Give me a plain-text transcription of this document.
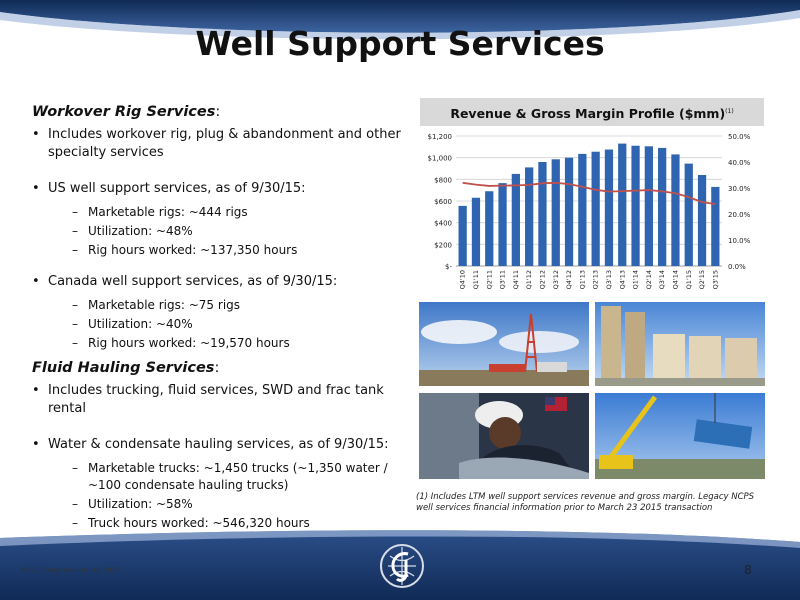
Well Support Services
Workover Rig Services:
• Includes workover rig, plug & abandonment and other specialty services
• US well support services, as of 9/30/15:
– Marketable rigs: ~444 rigs
– Utilization: ~48%
– Rig hours worked: ~137,350 hours
• Canada well support services, as of 9/30/15:
– Marketable rigs: ~75 rigs
– Utilization: ~40%
– Rig hours worked: ~19,570 hours
Fluid Hauling Services:
• Includes trucking, fluid services, SWD and frac tank rental
• Water & condensate hauling services, as of 9/30/15:
– Marketable trucks: ~1,450 trucks (~1,350 water / ~100 condensate hauling trucks)
– Utilization: ~58%
– Truck hours worked: ~546,320 hours
Revenue & Gross Margin Profile ($mm)$^{(1)}$
$-
$200
$400
$600
$800
$1,000
$1,200
0.0%
10.0%
20.0%
30.0%
40.0%
50.0%
Q4'10 Q1'11 Q2'11 Q3'11 Q4'11 Q1'12 Q2'12 Q3'12 Q4'12 Q1'13 Q2'13 Q3'13 Q4'13 Q1'14 Q2'14 Q3'14 Q4'14 Q1'15 Q2'15 Q3'15
(1) Includes LTM well support services revenue and gross margin. Legacy NCPS well services financial information prior to March 23 2015 transaction
© C&J Energy Services Ltd. 2015	8
